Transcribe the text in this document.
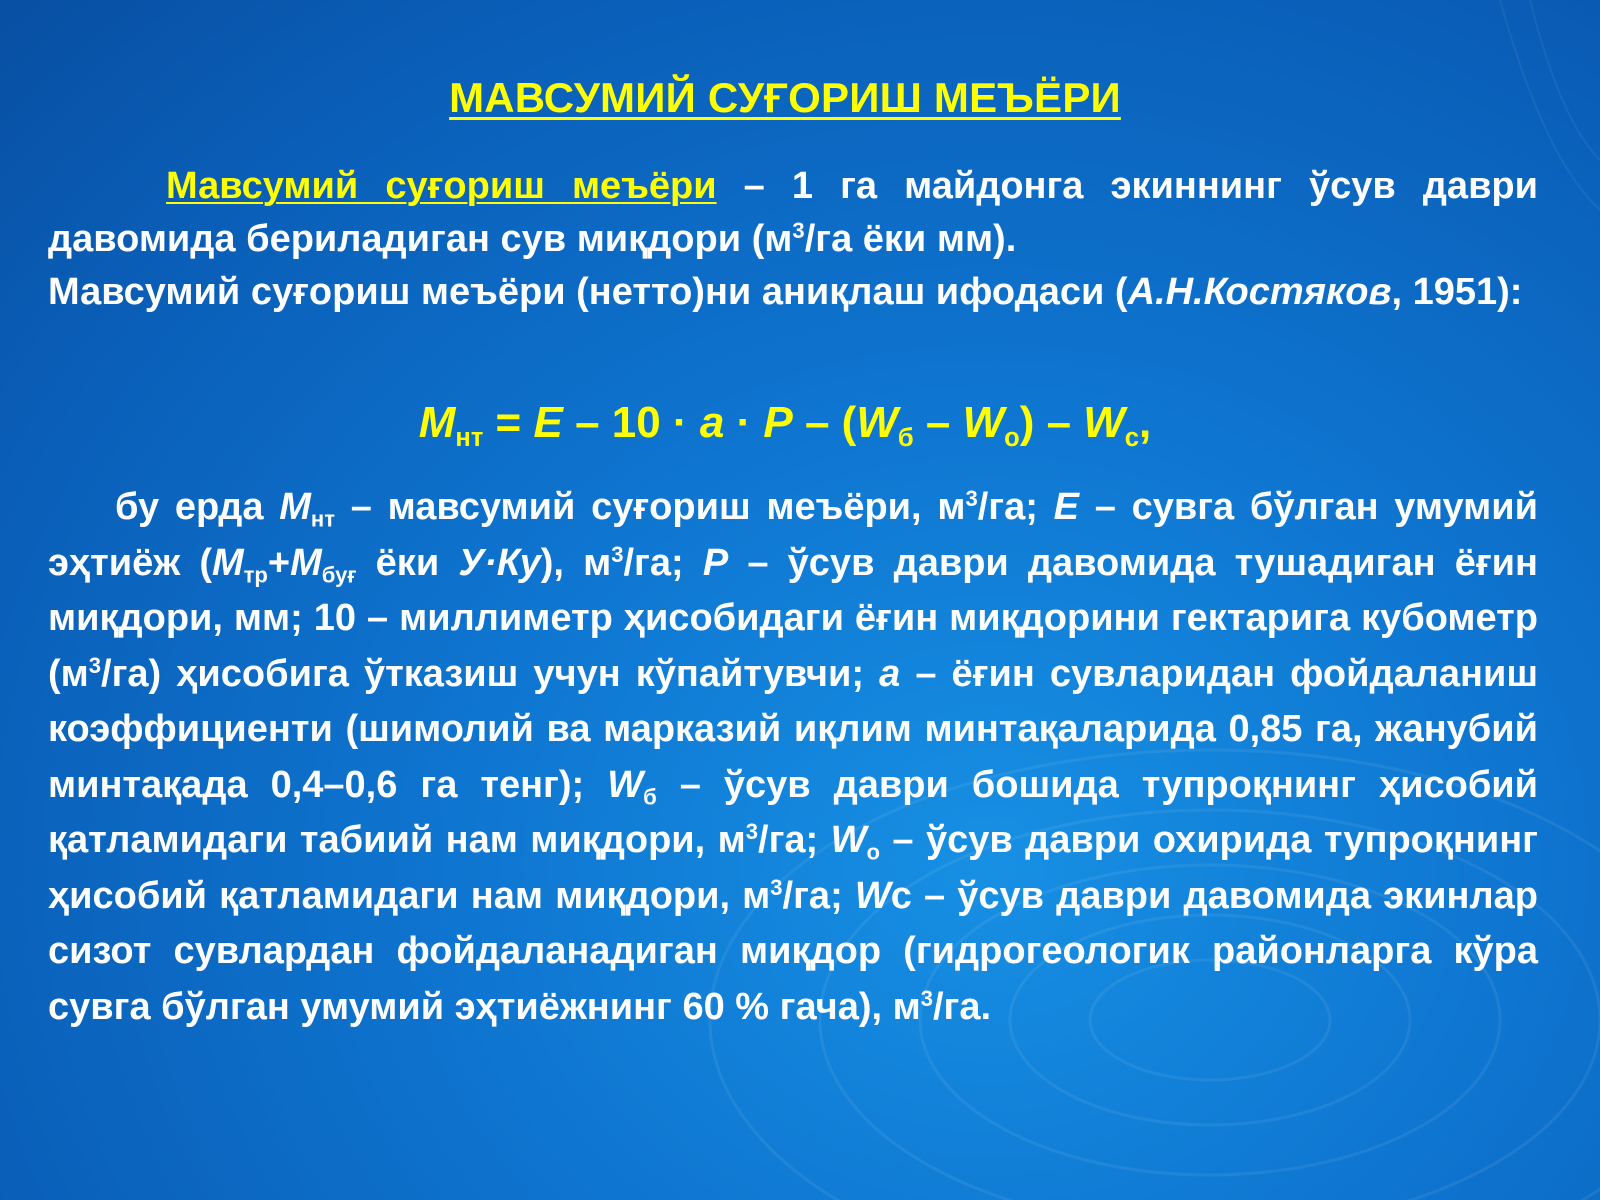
МАВСУМИЙ СУҒОРИШ МЕЪЁРИ
Мавсумий суғориш меъёри – 1 га майдонга экиннинг ўсув даври давомида бериладиган сув миқдори ($м^3/га$ ёки мм).
Мавсумий суғориш меъёри (нетто)ни аниқлаш ифодаси (А.Н.Костяков, 1951):
$М_{нт} = Е - 10 \cdot а \cdot Р - (W_б - W_о) - W_с$,
бу ерда $М_{нт}$ – мавсумий суғориш меъёри, $м^3/га$; Е – сувга бўлган умумий эҳтиёж ($М_{тр}+М_{буғ}$ ёки У·Ку), $м^3/га$; Р – ўсув даври давомида тушадиган ёғин миқдори, мм; 10 – миллиметр ҳисобидаги ёғин миқдорини гектарига кубометр $(м^3/га)$ ҳисобига ўтказиш учун кўпайтувчи; а – ёғин сувларидан фойдаланиш коэффициенти (шимолий ва марказий иқлим минтақаларида 0,85 га, жанубий минтақада 0,4–0,6 га тенг); $W_б$ – ўсув даври бошида тупроқнинг ҳисобий қатламидаги табиий нам миқдори, $м^3/га$; $W_о$ – ўсув даври охирида тупроқнинг ҳисобий қатламидаги нам миқдори, $м^3/га$; Wс – ўсув даври давомида экинлар сизот сувлардан фойдаланадиган миқдор (гидрогеологик районларга кўра сувга бўлган умумий эҳтиёжнинг 60 % гача), $м^3/га$.
